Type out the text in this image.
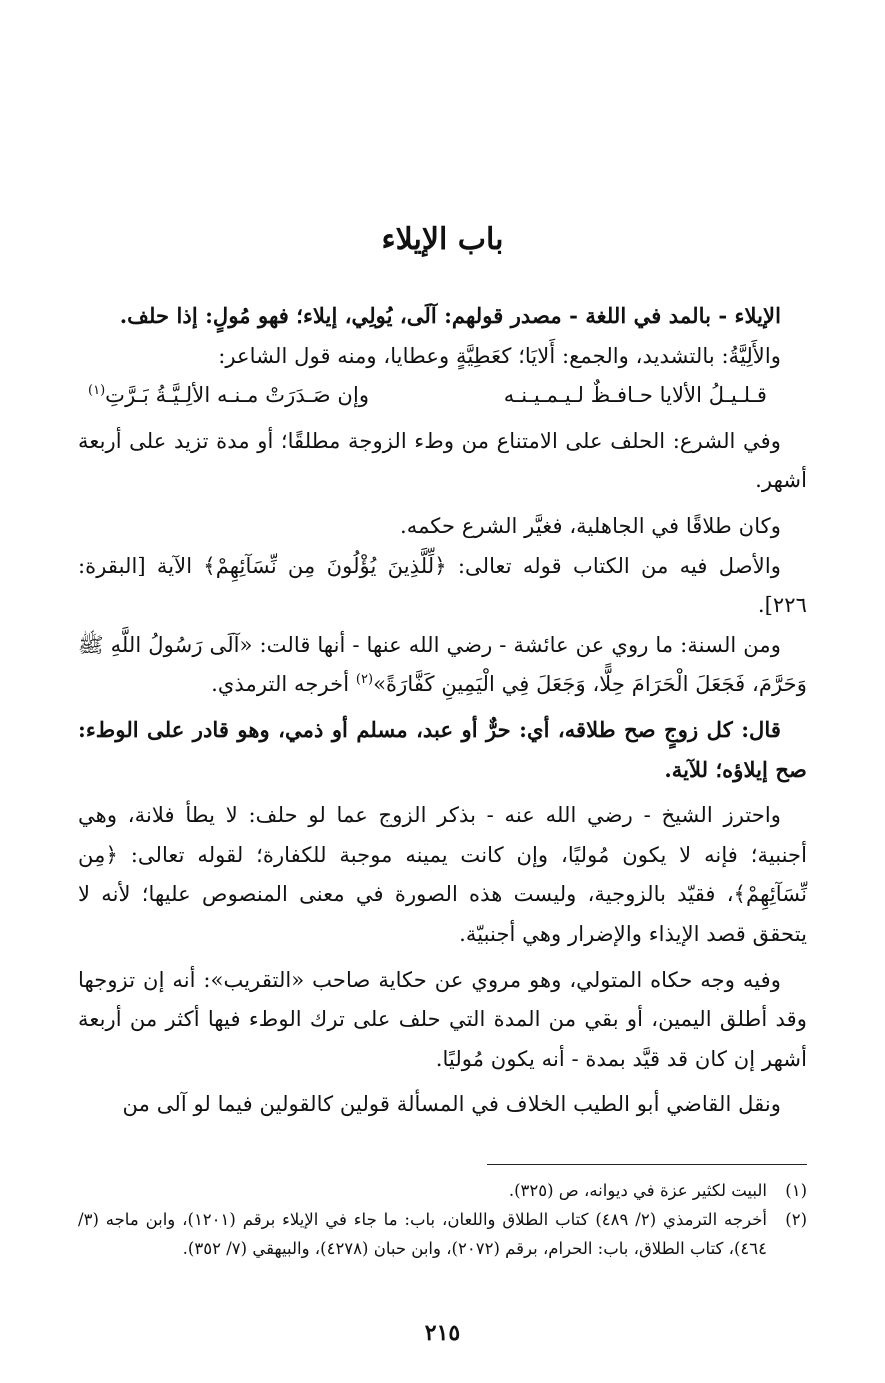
باب الإيلاء

الإيلاء - بالمد في اللغة - مصدر قولهم: آلَى، يُولِي، إيلاء؛ فهو مُولٍ: إذا حلف.

والأَلِيَّةُ: بالتشديد، والجمع: أَلايَا؛ كعَطِيَّةٍ وعطايا، ومنه قول الشاعر:

قـلـيـلُ الألايا حـافـظٌ لـيـمـيـنـه
وإن صَـدَرَتْ مـنـه الألِـيَّـةُ بَـرَّتِ$^{(١)}$

وفي الشرع: الحلف على الامتناع من وطء الزوجة مطلقًا؛ أو مدة تزيد على أربعة أشهر.

وكان طلاقًا في الجاهلية، فغيَّر الشرع حكمه.

والأصل فيه من الكتاب قوله تعالى: ﴿لِّلَّذِينَ يُؤْلُونَ مِن نِّسَآئِهِمْ﴾ الآية [البقرة: ٢٢٦].

ومن السنة: ما روي عن عائشة - رضي الله عنها - أنها قالت: «آلَى رَسُولُ اللَّهِ ﷺ وَحَرَّمَ، فَجَعَلَ الْحَرَامَ حِلًّا، وَجَعَلَ فِي الْيَمِينِ كَفَّارَةً»$^{(٢)}$ أخرجه الترمذي.

قال: كل زوجٍ صح طلاقه، أي: حرٌّ أو عبد، مسلم أو ذمي، وهو قادر على الوطء: صح إيلاؤه؛ للآية.

واحترز الشيخ - رضي الله عنه - بذكر الزوج عما لو حلف: لا يطأ فلانة، وهي أجنبية؛ فإنه لا يكون مُوليًا، وإن كانت يمينه موجبة للكفارة؛ لقوله تعالى: ﴿مِن نِّسَآئِهِمْ﴾، فقيّد بالزوجية، وليست هذه الصورة في معنى المنصوص عليها؛ لأنه لا يتحقق قصد الإيذاء والإضرار وهي أجنبيّة.

وفيه وجه حكاه المتولي، وهو مروي عن حكاية صاحب «التقريب»: أنه إن تزوجها وقد أطلق اليمين، أو بقي من المدة التي حلف على ترك الوطء فيها أكثر من أربعة أشهر إن كان قد قيَّد بمدة - أنه يكون مُوليًا.

ونقل القاضي أبو الطيب الخلاف في المسألة قولين كالقولين فيما لو آلى من

(١)
البيت لكثير عزة في ديوانه، ص (٣٢٥).
(٢)
أخرجه الترمذي (٢/ ٤٨٩) كتاب الطلاق واللعان، باب: ما جاء في الإيلاء برقم (١٢٠١)، وابن ماجه (٣/ ٤٦٤)، كتاب الطلاق، باب: الحرام، برقم (٢٠٧٢)، وابن حبان (٤٢٧٨)، والبيهقي (٧/ ٣٥٢).
٢١٥
